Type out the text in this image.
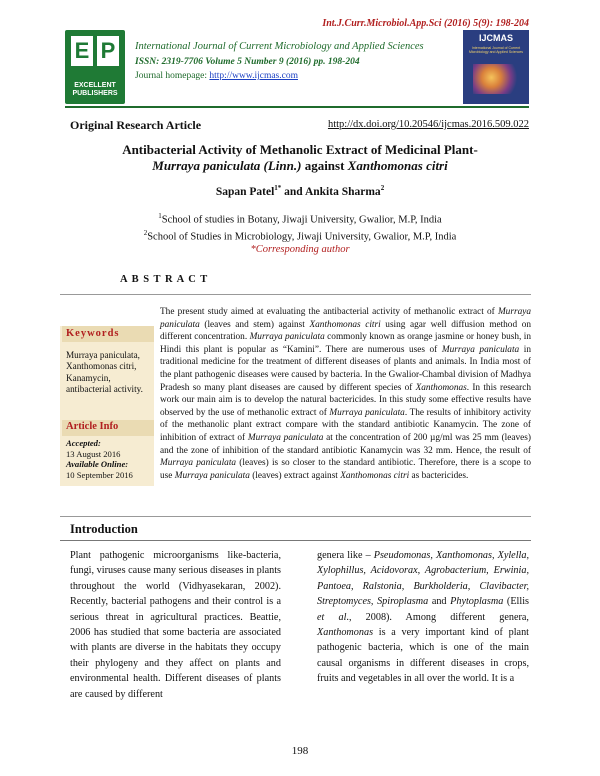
Int.J.Curr.Microbiol.App.Sci (2016) 5(9): 198-204
E P
EXCELLENT PUBLISHERS
International Journal of Current Microbiology and Applied Sciences
ISSN: 2319-7706 Volume 5 Number 9 (2016) pp. 198-204
Journal homepage: http://www.ijcmas.com
IJCMAS
International Journal of Current Microbiology and Applied Sciences
Original Research Article	http://dx.doi.org/10.20546/ijcmas.2016.509.022
Antibacterial Activity of Methanolic Extract of Medicinal Plant-
Murraya paniculata (Linn.) against Xanthomonas citri
Sapan Patel$^{1*}$ and Ankita Sharma$^2$
$^1$School of studies in Botany, Jiwaji University, Gwalior, M.P, India
$^2$School of Studies in Microbiology, Jiwaji University, Gwalior, M.P, India
*Corresponding author
A B S T R A C T
Keywords
Murraya paniculata, Xanthomonas citri, Kanamycin, antibacterial activity.
Article Info
Accepted:
13 August 2016
Available Online:
10 September 2016
The present study aimed at evaluating the antibacterial activity of methanolic extract of Murraya paniculata (leaves and stem) against Xanthomonas citri using agar well diffusion method on different concentration. Murraya paniculata commonly known as orange jasmine or honey bush, in Hindi this plant is popular as “Kamini”. There are numerous uses of Murraya paniculata in traditional medicine for the treatment of different diseases of plants and animals. In India most of the plant pathogenic diseases were caused by bacteria. In the Gwalior-Chambal division of Madhya Pradesh so many plant diseases are caused by different species of Xanthomonas. In this research work our main aim is to develop the natural bactericides. In this study some effective results have observed by the use of methanolic extract of Murraya paniculata. The results of inhibitory activity of the methanolic plant extract compare with the standard antibiotic Kanamycin. The zone of inhibition of extract of Murraya paniculata at the concentration of 200 µg/ml was 25 mm (leaves) and the zone of inhibition of the standard antibiotic Kanamycin was 32 mm. Hence, the result of Murraya paniculata (leaves) is so closer to the standard antibiotic. Therefore, there is a scope to use Murraya paniculata (leaves) extract against Xanthomonas citri as bactericides.
Introduction
Plant pathogenic microorganisms like-bacteria, fungi, viruses cause many serious diseases in plants throughout the world (Vidhyasekaran, 2002). Recently, bacterial pathogens and their control is a serious threat in agricultural practices. Beattie, 2006 has studied that some bacteria are associated with plants are diverse in the habitats they occupy their phylogeny and they affect on plants and environmental health. Different diseases of plants are caused by different
genera like – Pseudomonas, Xanthomonas, Xylella, Xylophillus, Acidovorax, Agrobacterium, Erwinia, Pantoea, Ralstonia, Burkholderia, Clavibacter, Streptomyces, Spiroplasma and Phytoplasma (Ellis et al., 2008). Among different genera, Xanthomonas is a very important kind of plant pathogenic bacteria, which is one of the main causal organisms in different diseases in crops, fruits and vegetables in all over the world. It is a
198
